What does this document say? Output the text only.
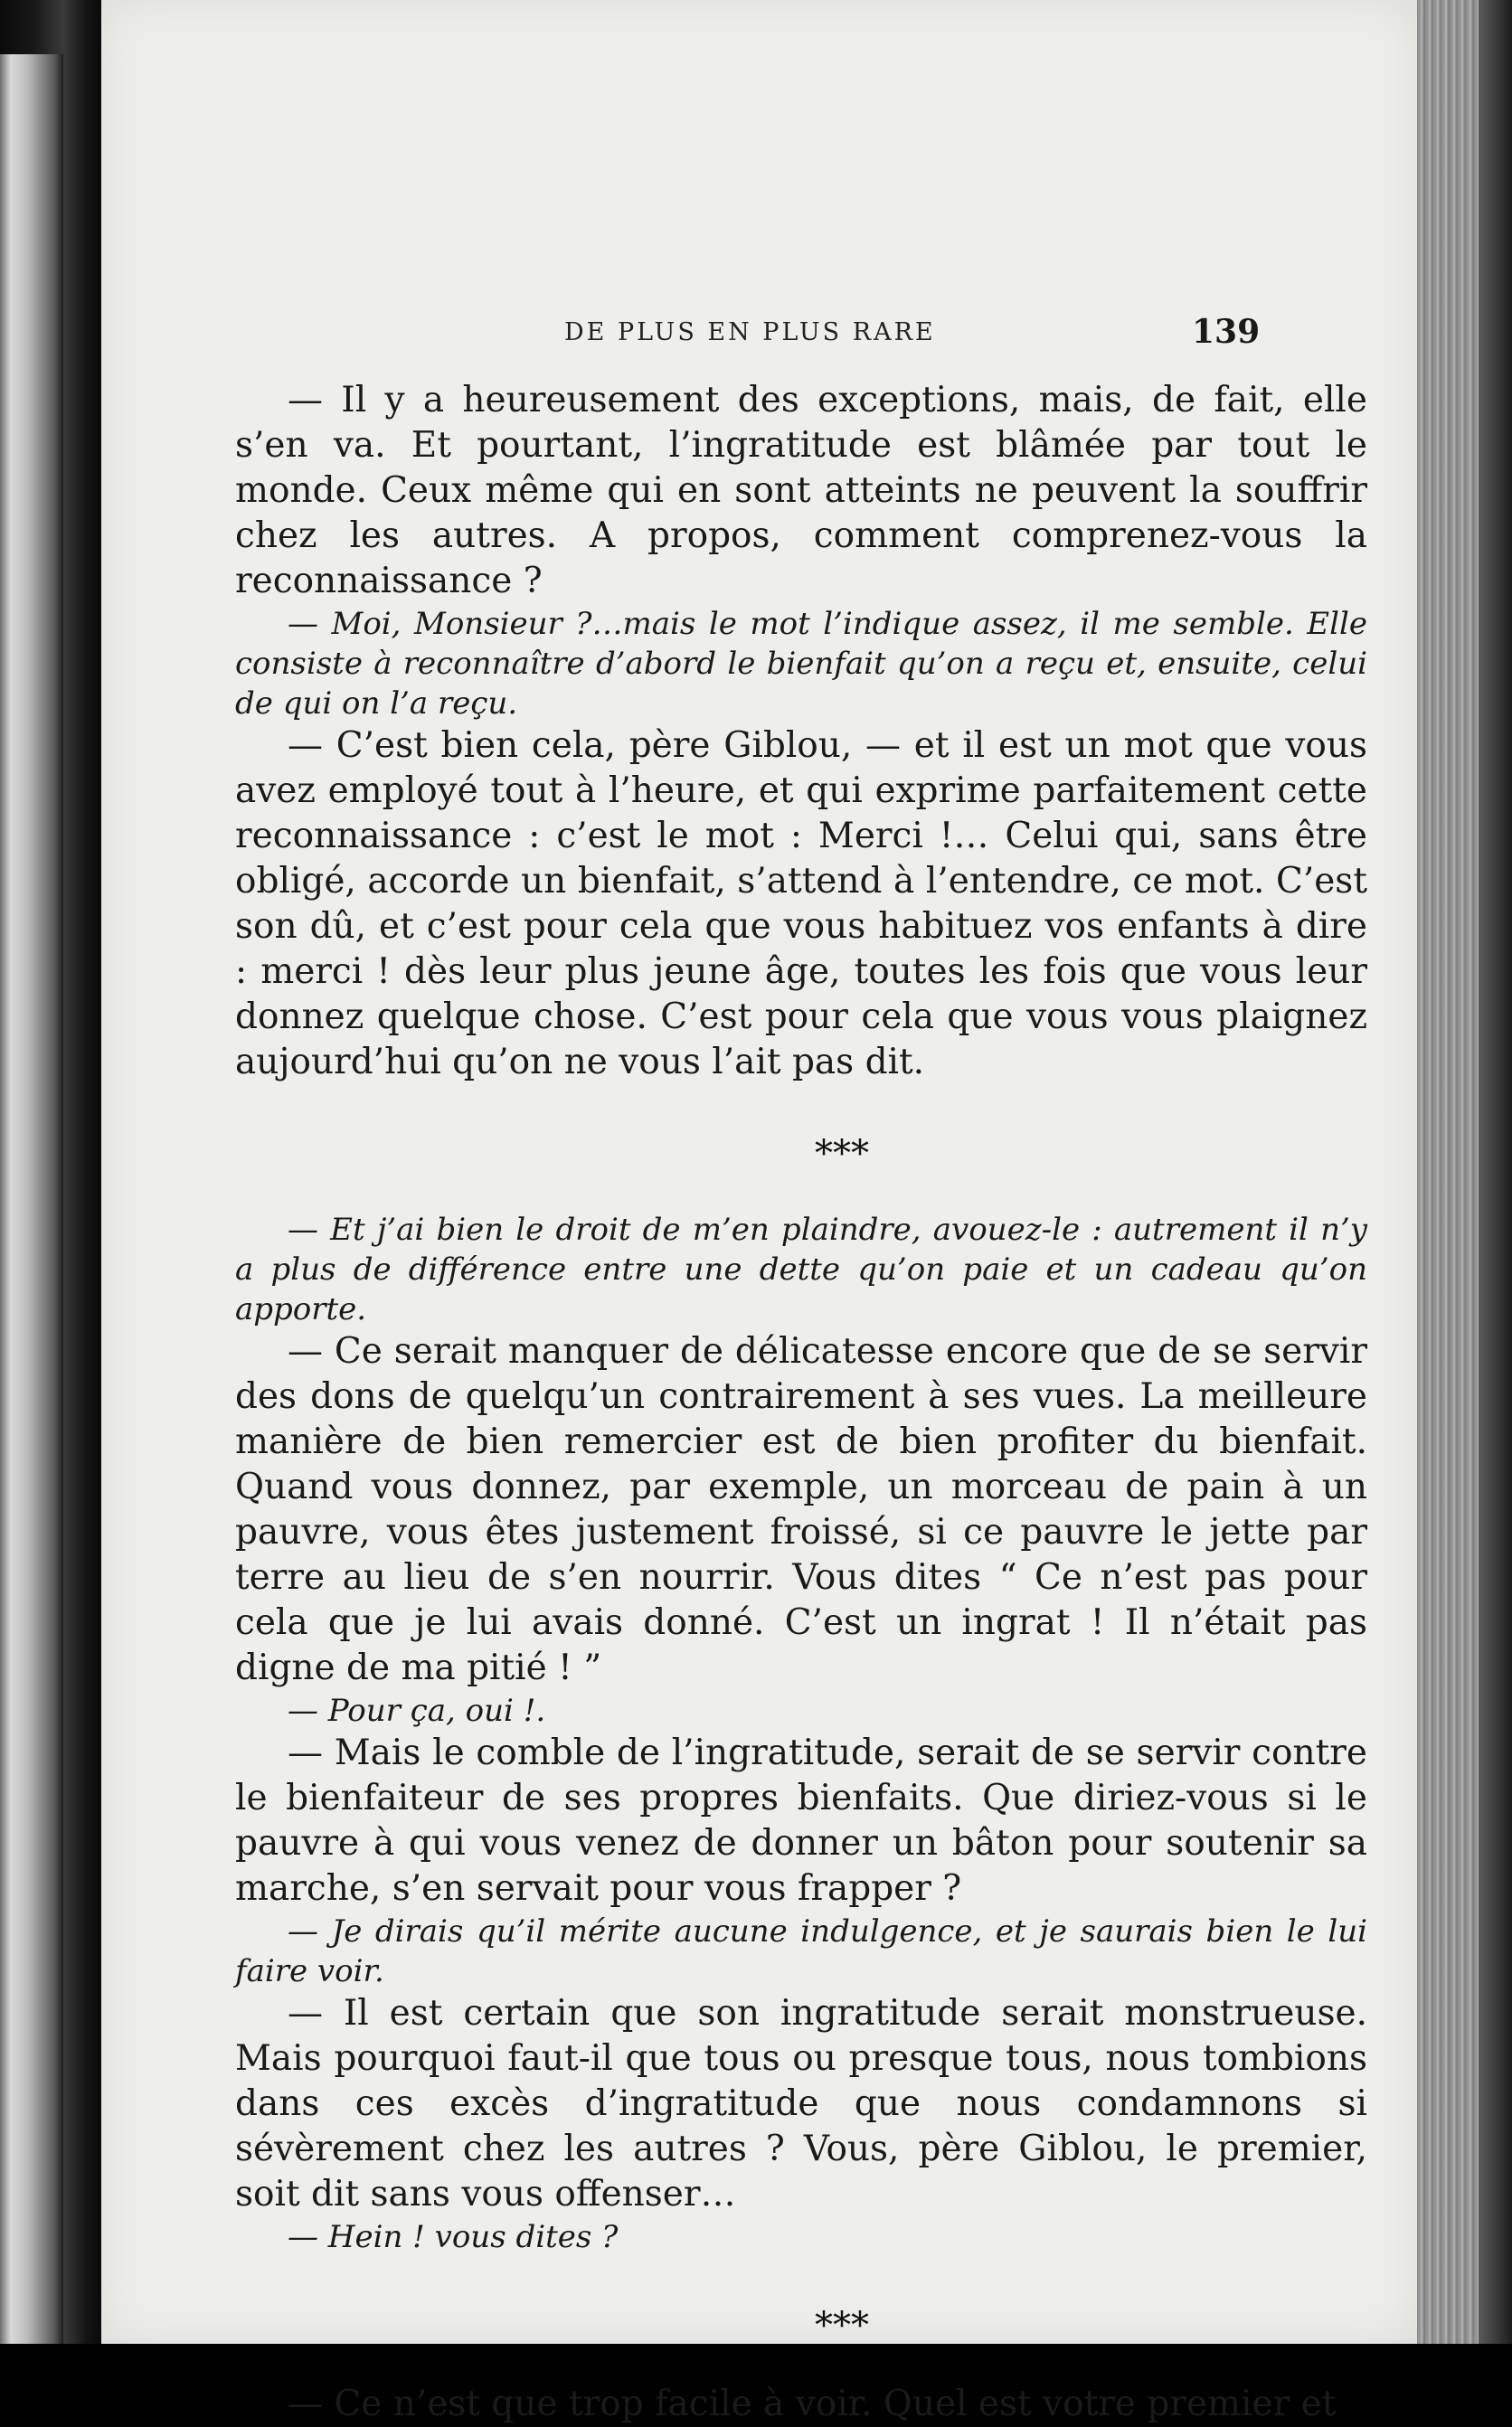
DE PLUS EN PLUS RARE	139

— Il y a heureusement des exceptions, mais, de fait, elle s’en va. Et pourtant, l’ingratitude est blâmée par tout le monde. Ceux même qui en sont atteints ne peuvent la souffrir chez les autres. A propos, comment comprenez-vous la reconnaissance ?

— Moi, Monsieur ?…mais le mot l’indique assez, il me semble. Elle consiste à reconnaître d’abord le bienfait qu’on a reçu et, ensuite, celui de qui on l’a reçu.

— C’est bien cela, père Giblou, — et il est un mot que vous avez employé tout à l’heure, et qui exprime parfaitement cette reconnaissance : c’est le mot : Merci !… Celui qui, sans être obligé, accorde un bienfait, s’attend à l’entendre, ce mot. C’est son dû, et c’est pour cela que vous habituez vos enfants à dire : merci ! dès leur plus jeune âge, toutes les fois que vous leur donnez quelque chose. C’est pour cela que vous vous plaignez aujourd’hui qu’on ne vous l’ait pas dit.

***

— Et j’ai bien le droit de m’en plaindre, avouez-le : autrement il n’y a plus de différence entre une dette qu’on paie et un cadeau qu’on apporte.

— Ce serait manquer de délicatesse encore que de se servir des dons de quelqu’un contrairement à ses vues. La meilleure manière de bien remercier est de bien profiter du bienfait. Quand vous donnez, par exemple, un morceau de pain à un pauvre, vous êtes justement froissé, si ce pauvre le jette par terre au lieu de s’en nourrir. Vous dites “ Ce n’est pas pour cela que je lui avais donné. C’est un ingrat ! Il n’était pas digne de ma pitié ! ”

— Pour ça, oui !.

— Mais le comble de l’ingratitude, serait de se servir contre le bienfaiteur de ses propres bienfaits. Que diriez-vous si le pauvre à qui vous venez de donner un bâton pour soutenir sa marche, s’en servait pour vous frapper ?

— Je dirais qu’il mérite aucune indulgence, et je saurais bien le lui faire voir.

— Il est certain que son ingratitude serait monstrueuse. Mais pourquoi faut-il que tous ou presque tous, nous tombions dans ces excès d’ingratitude que nous condamnons si sévèrement chez les autres ? Vous, père Giblou, le premier, soit dit sans vous offenser…

— Hein ! vous dites ?

***

— Ce n’est que trop facile à voir. Quel est votre premier et
